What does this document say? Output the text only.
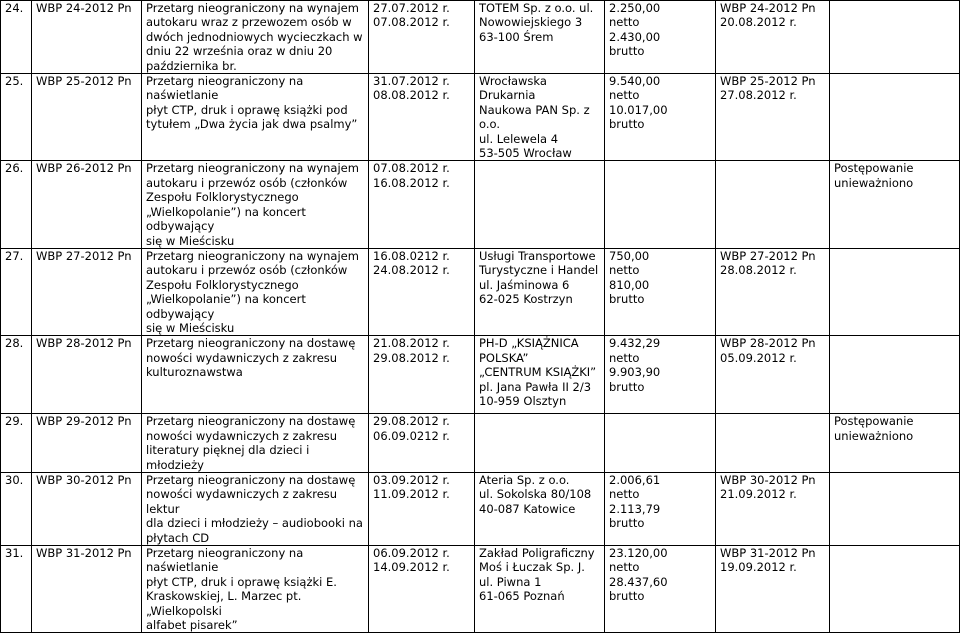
24.	WBP 24-2012 Pn	Przetarg nieograniczony na wynajem
autokaru wraz z przewozem osób w
dwóch jednodniowych wycieczkach w
dniu 22 września oraz w dniu 20
października br.	27.07.2012 r.
07.08.2012 r.	TOTEM Sp. z o.o. ul.
Nowowiejskiego 3
63-100 Śrem	2.250,00
netto
2.430,00
brutto	WBP 24-2012 Pn
20.08.2012 r.	

25.	WBP 25-2012 Pn	Przetarg nieograniczony na naświetlanie
płyt CTP, druk i oprawę książki pod
tytułem „Dwa życia jak dwa psalmy”	31.07.2012 r.
08.08.2012 r.	Wrocławska Drukarnia
Naukowa PAN Sp. z
o.o.
ul. Lelewela 4
53-505 Wrocław	9.540,00
netto
10.017,00
brutto	WBP 25-2012 Pn
27.08.2012 r.	

26.	WBP 26-2012 Pn	Przetarg nieograniczony na wynajem
autokaru i przewóz osób (członków
Zespołu Folklorystycznego
„Wielkopolanie”) na koncert odbywający
się w Mieścisku	07.08.2012 r.
16.08.2012 r.				Postępowanie
unieważniono

27.	WBP 27-2012 Pn	Przetarg nieograniczony na wynajem
autokaru i przewóz osób (członków
Zespołu Folklorystycznego
„Wielkopolanie”) na koncert odbywający
się w Mieścisku	16.08.0212 r.
24.08.2012 r.	Usługi Transportowe
Turystyczne i Handel
ul. Jaśminowa 6
62-025 Kostrzyn	750,00
netto
810,00
brutto	WBP 27-2012 Pn
28.08.2012 r.	

28.	WBP 28-2012 Pn	Przetarg nieograniczony na dostawę
nowości wydawniczych z zakresu
kulturoznawstwa	21.08.2012 r.
29.08.2012 r.	PH-D „KSIĄŻNICA
POLSKA”
„CENTRUM KSIĄŻKI”
pl. Jana Pawła II 2/3
10-959 Olsztyn	9.432,29
netto
9.903,90
brutto	WBP 28-2012 Pn
05.09.2012 r.	

29.	WBP 29-2012 Pn	Przetarg nieograniczony na dostawę
nowości wydawniczych z zakresu
literatury pięknej dla dzieci i młodzieży	29.08.2012 r.
06.09.0212 r.				Postępowanie
unieważniono

30.	WBP 30-2012 Pn	Przetarg nieograniczony na dostawę
nowości wydawniczych z zakresu lektur
dla dzieci i młodzieży – audiobooki na
płytach CD	03.09.2012 r.
11.09.2012 r.	Ateria Sp. z o.o.
ul. Sokolska 80/108
40-087 Katowice	2.006,61
netto
2.113,79
brutto	WBP 30-2012 Pn
21.09.2012 r.	

31.	WBP 31-2012 Pn	Przetarg nieograniczony na naświetlanie
płyt CTP, druk i oprawę książki E.
Kraskowskiej, L. Marzec pt. „Wielkopolski
alfabet pisarek”	06.09.2012 r.
14.09.2012 r.	Zakład Poligraficzny
Moś i Łuczak Sp. J.
ul. Piwna 1
61-065 Poznań	23.120,00
netto
28.437,60
brutto	WBP 31-2012 Pn
19.09.2012 r.	
